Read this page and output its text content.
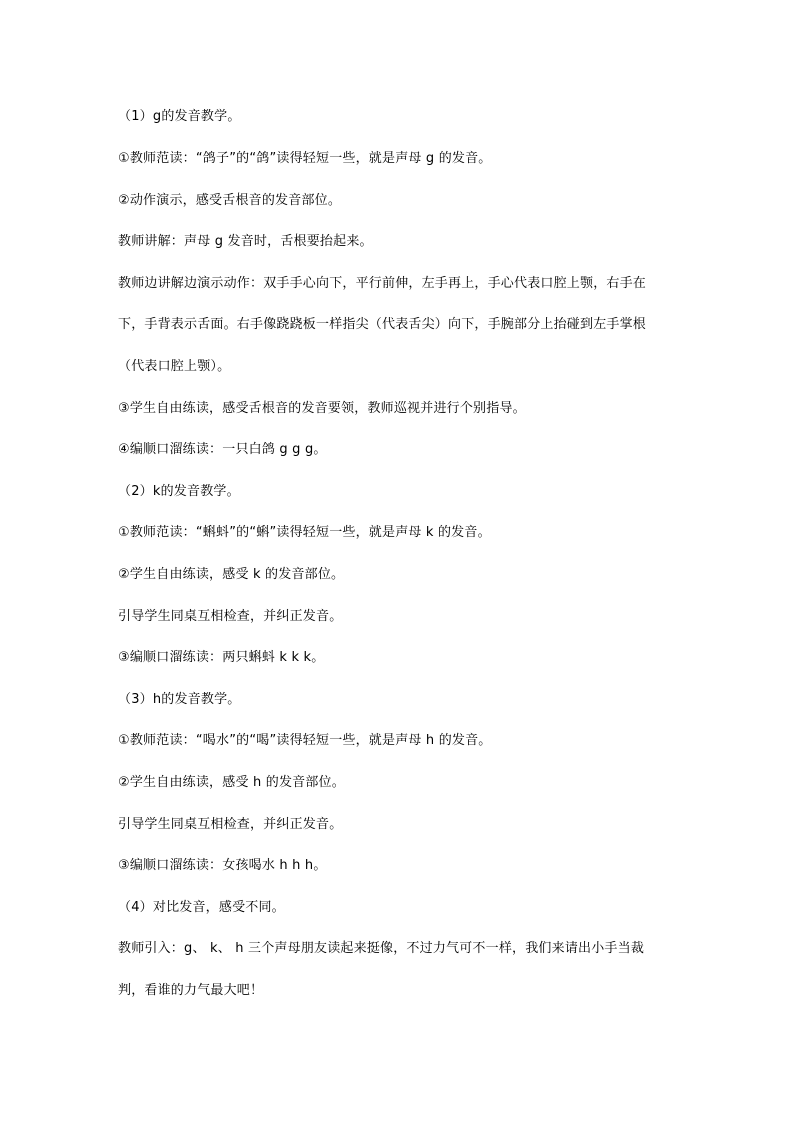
（1）g的发音教学。
①教师范读：“鸽子”的“鸽”读得轻短一些，就是声母 g 的发音。
②动作演示，感受舌根音的发音部位。
教师讲解：声母 g 发音时，舌根要抬起来。
教师边讲解边演示动作：双手手心向下，平行前伸，左手再上，手心代表口腔上颚，右手在
下，手背表示舌面。右手像跷跷板一样指尖（代表舌尖）向下，手腕部分上抬碰到左手掌根
（代表口腔上颚）。
③学生自由练读，感受舌根音的发音要领，教师巡视并进行个别指导。
④编顺口溜练读：一只白鸽 g g g。
（2）k的发音教学。
①教师范读：“蝌蚪”的“蝌”读得轻短一些，就是声母 k 的发音。
②学生自由练读，感受 k 的发音部位。
引导学生同桌互相检查，并纠正发音。
③编顺口溜练读：两只蝌蚪 k k k。
（3）h的发音教学。
①教师范读：“喝水”的“喝”读得轻短一些，就是声母 h 的发音。
②学生自由练读，感受 h 的发音部位。
引导学生同桌互相检查，并纠正发音。
③编顺口溜练读：女孩喝水 h h h。
（4）对比发音，感受不同。
教师引入：g、 k、 h 三个声母朋友读起来挺像，不过力气可不一样，我们来请出小手当裁
判，看谁的力气最大吧！
